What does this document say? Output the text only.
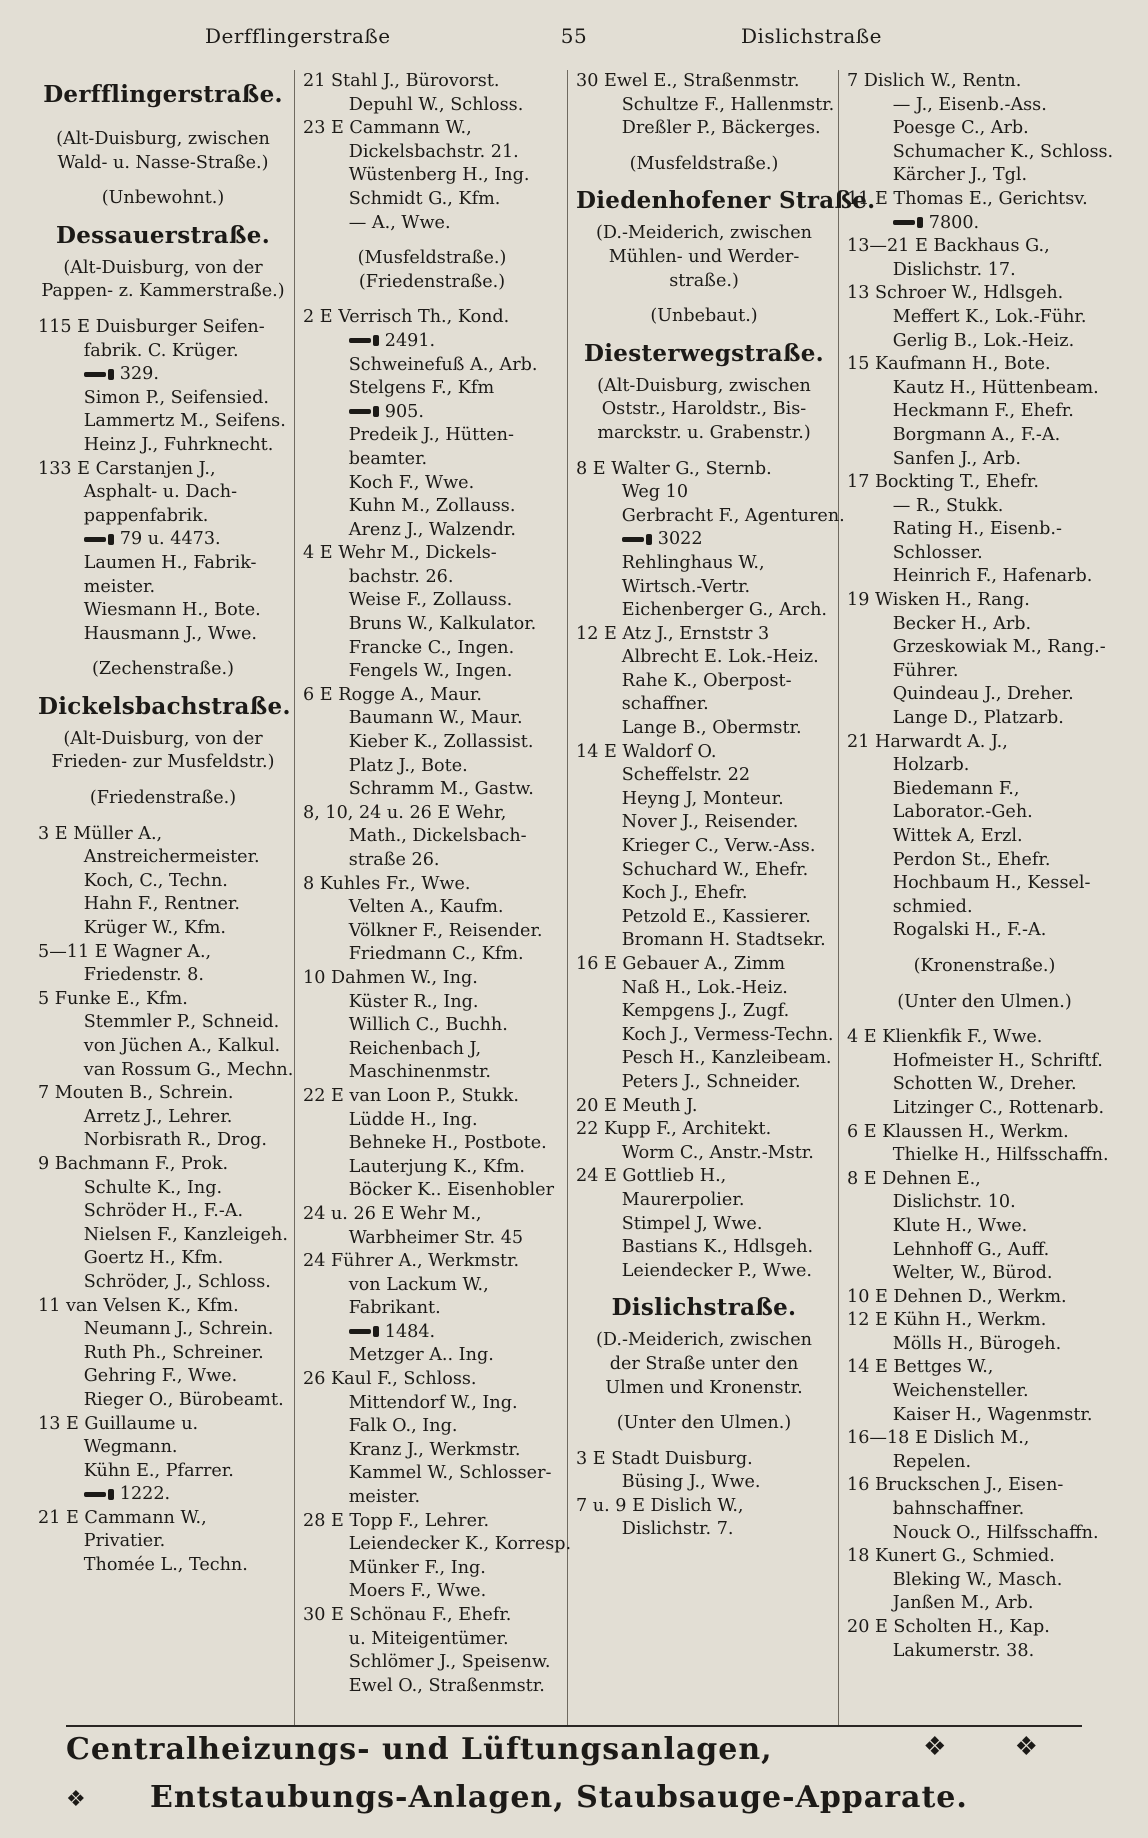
Derfflingerstraße	55	Dislichstraße
Derfflingerstraße.
(Alt-Duisburg, zwischen
Wald- u. Nasse-Straße.)
(Unbewohnt.)
Dessauerstraße.
(Alt-Duisburg, von der
Pappen- z. Kammerstraße.)
115 E Duisburger Seifen-
fabrik. C. Krüger.
329.
Simon P., Seifensied.
Lammertz M., Seifens.
Heinz J., Fuhrknecht.
133 E Carstanjen J.,
Asphalt- u. Dach-
pappenfabrik.
79 u. 4473.
Laumen H., Fabrik-
meister.
Wiesmann H., Bote.
Hausmann J., Wwe.
(Zechenstraße.)
Dickelsbachstraße.
(Alt-Duisburg, von der
Frieden- zur Musfeldstr.)
(Friedenstraße.)
3 E Müller A.,
Anstreichermeister.
Koch, C., Techn.
Hahn F., Rentner.
Krüger W., Kfm.
5—11 E Wagner A.,
Friedenstr. 8.
5 Funke E., Kfm.
Stemmler P., Schneid.
von Jüchen A., Kalkul.
van Rossum G., Mechn.
7 Mouten B., Schrein.
Arretz J., Lehrer.
Norbisrath R., Drog.
9 Bachmann F., Prok.
Schulte K., Ing.
Schröder H., F.-A.
Nielsen F., Kanzleigeh.
Goertz H., Kfm.
Schröder, J., Schloss.
11 van Velsen K., Kfm.
Neumann J., Schrein.
Ruth Ph., Schreiner.
Gehring F., Wwe.
Rieger O., Bürobeamt.
13 E Guillaume u.
Wegmann.
Kühn E., Pfarrer.
1222.
21 E Cammann W.,
Privatier.
Thomée L., Techn.
21 Stahl J., Bürovorst.
Depuhl W., Schloss.
23 E Cammann W.,
Dickelsbachstr. 21.
Wüstenberg H., Ing.
Schmidt G., Kfm.
— A., Wwe.
(Musfeldstraße.)
(Friedenstraße.)
2 E Verrisch Th., Kond.
2491.
Schweinefuß A., Arb.
Stelgens F., Kfm
905.
Predeik J., Hütten-
beamter.
Koch F., Wwe.
Kuhn M., Zollauss.
Arenz J., Walzendr.
4 E Wehr M., Dickels-
bachstr. 26.
Weise F., Zollauss.
Bruns W., Kalkulator.
Francke C., Ingen.
Fengels W., Ingen.
6 E Rogge A., Maur.
Baumann W., Maur.
Kieber K., Zollassist.
Platz J., Bote.
Schramm M., Gastw.
8, 10, 24 u. 26 E Wehr,
Math., Dickelsbach-
straße 26.
8 Kuhles Fr., Wwe.
Velten A., Kaufm.
Völkner F., Reisender.
Friedmann C., Kfm.
10 Dahmen W., Ing.
Küster R., Ing.
Willich C., Buchh.
Reichenbach J,
Maschinenmstr.
22 E van Loon P., Stukk.
Lüdde H., Ing.
Behneke H., Postbote.
Lauterjung K., Kfm.
Böcker K.. Eisenhobler
24 u. 26 E Wehr M.,
Warbheimer Str. 45
24 Führer A., Werkmstr.
von Lackum W.,
Fabrikant.
1484.
Metzger A.. Ing.
26 Kaul F., Schloss.
Mittendorf W., Ing.
Falk O., Ing.
Kranz J., Werkmstr.
Kammel W., Schlosser-
meister.
28 E Topp F., Lehrer.
Leiendecker K., Korresp.
Münker F., Ing.
Moers F., Wwe.
30 E Schönau F., Ehefr.
u. Miteigentümer.
Schlömer J., Speisenw.
Ewel O., Straßenmstr.
30 Ewel E., Straßenmstr.
Schultze F., Hallenmstr.
Dreßler P., Bäckerges.
(Musfeldstraße.)
Diedenhofener Straße.
(D.-Meiderich, zwischen
Mühlen- und Werder-
straße.)
(Unbebaut.)
Diesterwegstraße.
(Alt-Duisburg, zwischen
Oststr., Haroldstr., Bis-
marckstr. u. Grabenstr.)
8 E Walter G., Sternb.
Weg 10
Gerbracht F., Agenturen.
3022
Rehlinghaus W.,
Wirtsch.-Vertr.
Eichenberger G., Arch.
12 E Atz J., Ernststr 3
Albrecht E. Lok.-Heiz.
Rahe K., Oberpost-
schaffner.
Lange B., Obermstr.
14 E Waldorf O.
Scheffelstr. 22
Heyng J, Monteur.
Nover J., Reisender.
Krieger C., Verw.-Ass.
Schuchard W., Ehefr.
Koch J., Ehefr.
Petzold E., Kassierer.
Bromann H. Stadtsekr.
16 E Gebauer A., Zimm
Naß H., Lok.-Heiz.
Kempgens J., Zugf.
Koch J., Vermess-Techn.
Pesch H., Kanzleibeam.
Peters J., Schneider.
20 E Meuth J.
22 Kupp F., Architekt.
Worm C., Anstr.-Mstr.
24 E Gottlieb H.,
Maurerpolier.
Stimpel J, Wwe.
Bastians K., Hdlsgeh.
Leiendecker P., Wwe.
Dislichstraße.
(D.-Meiderich, zwischen
der Straße unter den
Ulmen und Kronenstr.
(Unter den Ulmen.)
3 E Stadt Duisburg.
Büsing J., Wwe.
7 u. 9 E Dislich W.,
Dislichstr. 7.
7 Dislich W., Rentn.
— J., Eisenb.-Ass.
Poesge C., Arb.
Schumacher K., Schloss.
Kärcher J., Tgl.
11 E Thomas E., Gerichtsv.
7800.
13—21 E Backhaus G.,
Dislichstr. 17.
13 Schroer W., Hdlsgeh.
Meffert K., Lok.-Führ.
Gerlig B., Lok.-Heiz.
15 Kaufmann H., Bote.
Kautz H., Hüttenbeam.
Heckmann F., Ehefr.
Borgmann A., F.-A.
Sanfen J., Arb.
17 Bockting T., Ehefr.
— R., Stukk.
Rating H., Eisenb.-
Schlosser.
Heinrich F., Hafenarb.
19 Wisken H., Rang.
Becker H., Arb.
Grzeskowiak M., Rang.-
Führer.
Quindeau J., Dreher.
Lange D., Platzarb.
21 Harwardt A. J.,
Holzarb.
Biedemann F.,
Laborator.-Geh.
Wittek A, Erzl.
Perdon St., Ehefr.
Hochbaum H., Kessel-
schmied.
Rogalski H., F.-A.
(Kronenstraße.)
(Unter den Ulmen.)
4 E Klienkfik F., Wwe.
Hofmeister H., Schriftf.
Schotten W., Dreher.
Litzinger C., Rottenarb.
6 E Klaussen H., Werkm.
Thielke H., Hilfsschaffn.
8 E Dehnen E.,
Dislichstr. 10.
Klute H., Wwe.
Lehnhoff G., Auff.
Welter, W., Bürod.
10 E Dehnen D., Werkm.
12 E Kühn H., Werkm.
Mölls H., Bürogeh.
14 E Bettges W.,
Weichensteller.
Kaiser H., Wagenmstr.
16—18 E Dislich M.,
Repelen.
16 Bruckschen J., Eisen-
bahnschaffner.
Nouck O., Hilfsschaffn.
18 Kunert G., Schmied.
Bleking W., Masch.
Janßen M., Arb.
20 E Scholten H., Kap.
Lakumerstr. 38.
Centralheizungs- und Lüftungsanlagen,	❖ ❖
❖ Entstaubungs-Anlagen, Staubsauge-Apparate.
